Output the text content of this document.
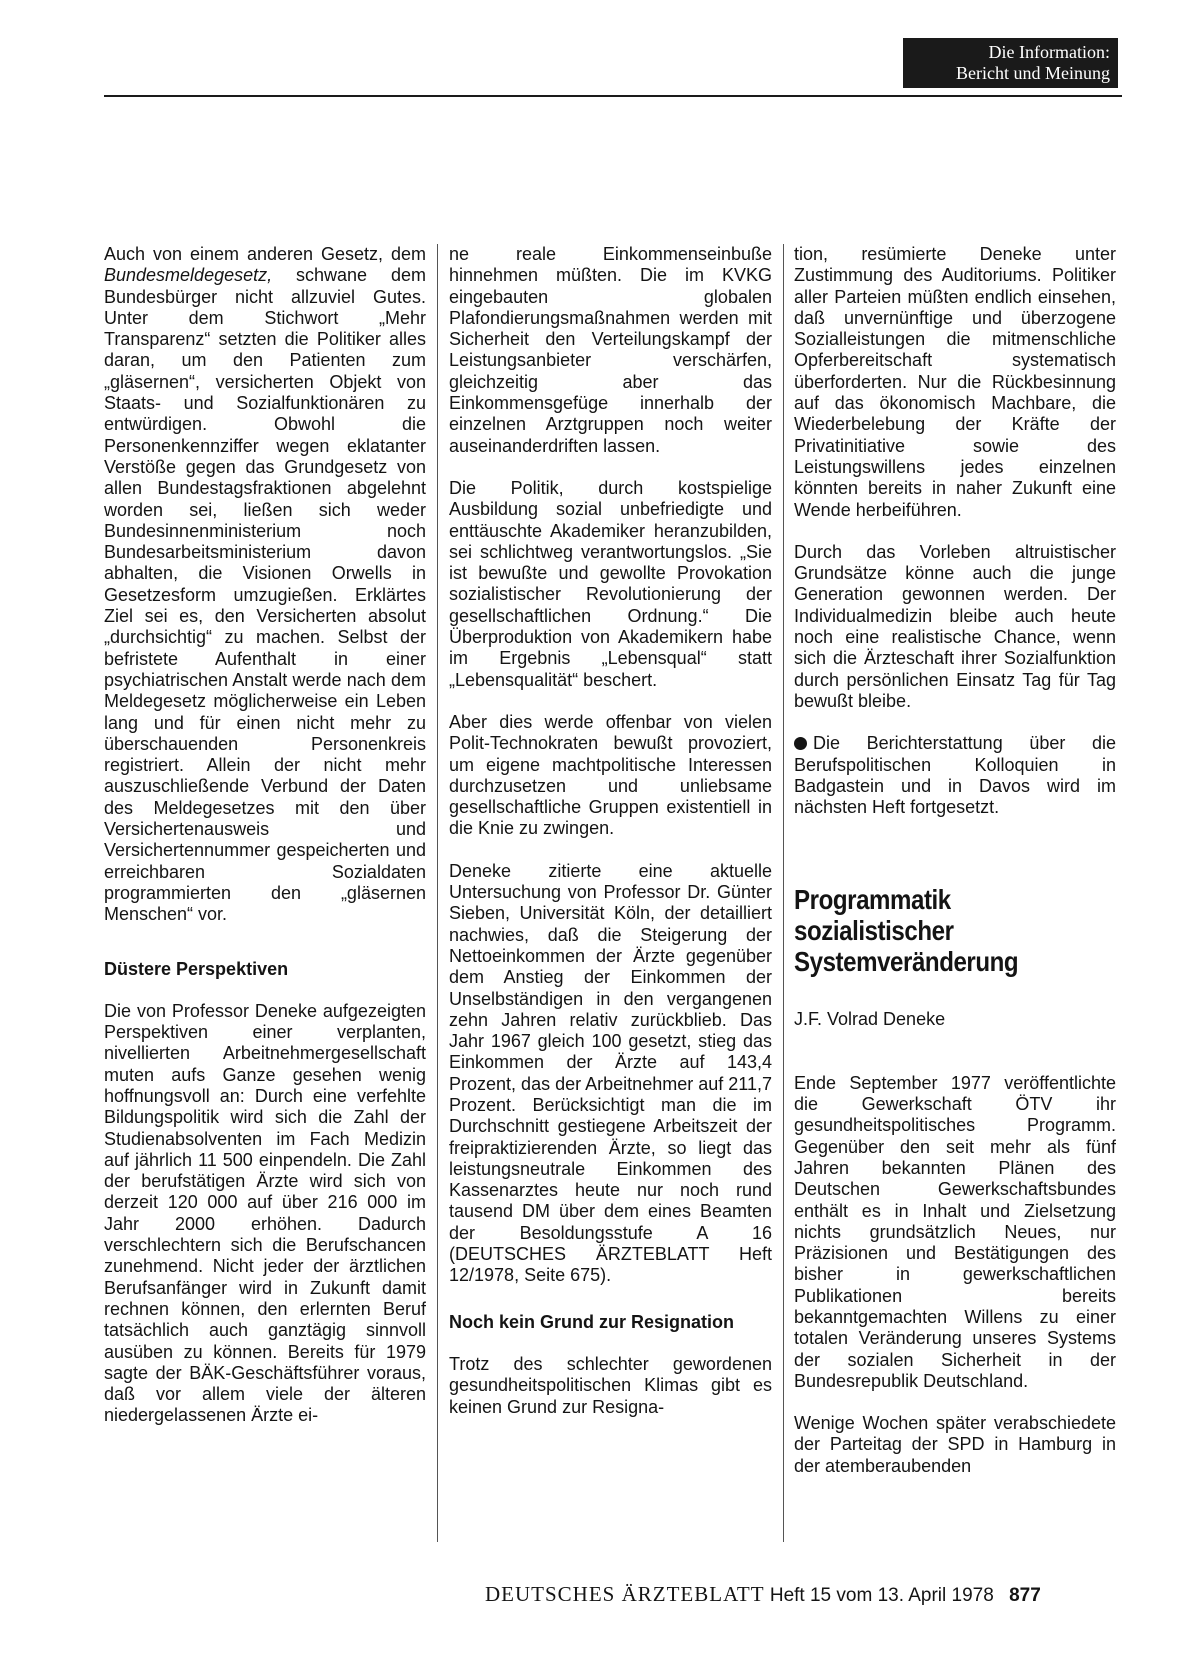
Die Information:
Bericht und Meinung

Auch von einem anderen Gesetz, dem Bundesmeldegesetz, schwane dem Bundesbürger nicht allzuviel Gutes. Unter dem Stichwort „Mehr Transparenz“ setzten die Politiker alles daran, um den Patienten zum „gläsernen“, versicherten Objekt von Staats- und Sozialfunktionären zu entwürdigen. Obwohl die Personenkennziffer wegen eklatanter Verstöße gegen das Grundgesetz von allen Bundestagsfraktionen abgelehnt worden sei, ließen sich weder Bundesinnenministerium noch Bundesarbeitsministerium davon abhalten, die Visionen Orwells in Gesetzesform umzugießen. Erklärtes Ziel sei es, den Versicherten absolut „durchsichtig“ zu machen. Selbst der befristete Aufenthalt in einer psychiatrischen Anstalt werde nach dem Meldegesetz möglicherweise ein Leben lang und für einen nicht mehr zu überschauenden Personenkreis registriert. Allein der nicht mehr auszuschließende Verbund der Daten des Meldegesetzes mit den über Versichertenausweis und Versichertennummer gespeicherten und erreichbaren Sozialdaten programmierten den „gläsernen Menschen“ vor.

Düstere Perspektiven

Die von Professor Deneke aufgezeigten Perspektiven einer verplanten, nivellierten Arbeitnehmergesellschaft muten aufs Ganze gesehen wenig hoffnungsvoll an: Durch eine verfehlte Bildungspolitik wird sich die Zahl der Studienabsolventen im Fach Medizin auf jährlich 11 500 einpendeln. Die Zahl der berufstätigen Ärzte wird sich von derzeit 120 000 auf über 216 000 im Jahr 2000 erhöhen. Dadurch verschlechtern sich die Berufschancen zunehmend. Nicht jeder der ärztlichen Berufsanfänger wird in Zukunft damit rechnen können, den erlernten Beruf tatsächlich auch ganztägig sinnvoll ausüben zu können. Bereits für 1979 sagte der BÄK-Geschäftsführer voraus, daß vor allem viele der älteren niedergelassenen Ärzte ei-

ne reale Einkommenseinbuße hinnehmen müßten. Die im KVKG eingebauten globalen Plafondierungsmaßnahmen werden mit Sicherheit den Verteilungskampf der Leistungsanbieter verschärfen, gleichzeitig aber das Einkommensgefüge innerhalb der einzelnen Arztgruppen noch weiter auseinanderdriften lassen.

Die Politik, durch kostspielige Ausbildung sozial unbefriedigte und enttäuschte Akademiker heranzubilden, sei schlichtweg verantwortungslos. „Sie ist bewußte und gewollte Provokation sozialistischer Revolutionierung der gesellschaftlichen Ordnung.“ Die Überproduktion von Akademikern habe im Ergebnis „Lebensqual“ statt „Lebensqualität“ beschert.

Aber dies werde offenbar von vielen Polit-Technokraten bewußt provoziert, um eigene machtpolitische Interessen durchzusetzen und unliebsame gesellschaftliche Gruppen existentiell in die Knie zu zwingen.

Deneke zitierte eine aktuelle Untersuchung von Professor Dr. Günter Sieben, Universität Köln, der detailliert nachwies, daß die Steigerung der Nettoeinkommen der Ärzte gegenüber dem Anstieg der Einkommen der Unselbständigen in den vergangenen zehn Jahren relativ zurückblieb. Das Jahr 1967 gleich 100 gesetzt, stieg das Einkommen der Ärzte auf 143,4 Prozent, das der Arbeitnehmer auf 211,7 Prozent. Berücksichtigt man die im Durchschnitt gestiegene Arbeitszeit der freipraktizierenden Ärzte, so liegt das leistungsneutrale Einkommen des Kassenarztes heute nur noch rund tausend DM über dem eines Beamten der Besoldungsstufe A 16 (DEUTSCHES ÄRZTEBLATT Heft 12/1978, Seite 675).

Noch kein Grund zur Resignation

Trotz des schlechter gewordenen gesundheitspolitischen Klimas gibt es keinen Grund zur Resigna-

tion, resümierte Deneke unter Zustimmung des Auditoriums. Politiker aller Parteien müßten endlich einsehen, daß unvernünftige und überzogene Sozialleistungen die mitmenschliche Opferbereitschaft systematisch überforderten. Nur die Rückbesinnung auf das ökonomisch Machbare, die Wiederbelebung der Kräfte der Privatinitiative sowie des Leistungswillens jedes einzelnen könnten bereits in naher Zukunft eine Wende herbeiführen.

Durch das Vorleben altruistischer Grundsätze könne auch die junge Generation gewonnen werden. Der Individualmedizin bleibe auch heute noch eine realistische Chance, wenn sich die Ärzteschaft ihrer Sozialfunktion durch persönlichen Einsatz Tag für Tag bewußt bleibe.

Die Berichterstattung über die Berufspolitischen Kolloquien in Badgastein und in Davos wird im nächsten Heft fortgesetzt.

Programmatik
sozialistischer
Systemveränderung
J.F. Volrad Deneke

Ende September 1977 veröffentlichte die Gewerkschaft ÖTV ihr gesundheitspolitisches Programm. Gegenüber den seit mehr als fünf Jahren bekannten Plänen des Deutschen Gewerkschaftsbundes enthält es in Inhalt und Zielsetzung nichts grundsätzlich Neues, nur Präzisionen und Bestätigungen des bisher in gewerkschaftlichen Publikationen bereits bekanntgemachten Willens zu einer totalen Veränderung unseres Systems der sozialen Sicherheit in der Bundesrepublik Deutschland.

Wenige Wochen später verabschiedete der Parteitag der SPD in Hamburg in der atemberaubenden

DEUTSCHES ÄRZTEBLATT Heft 15 vom 13. April 1978 877
